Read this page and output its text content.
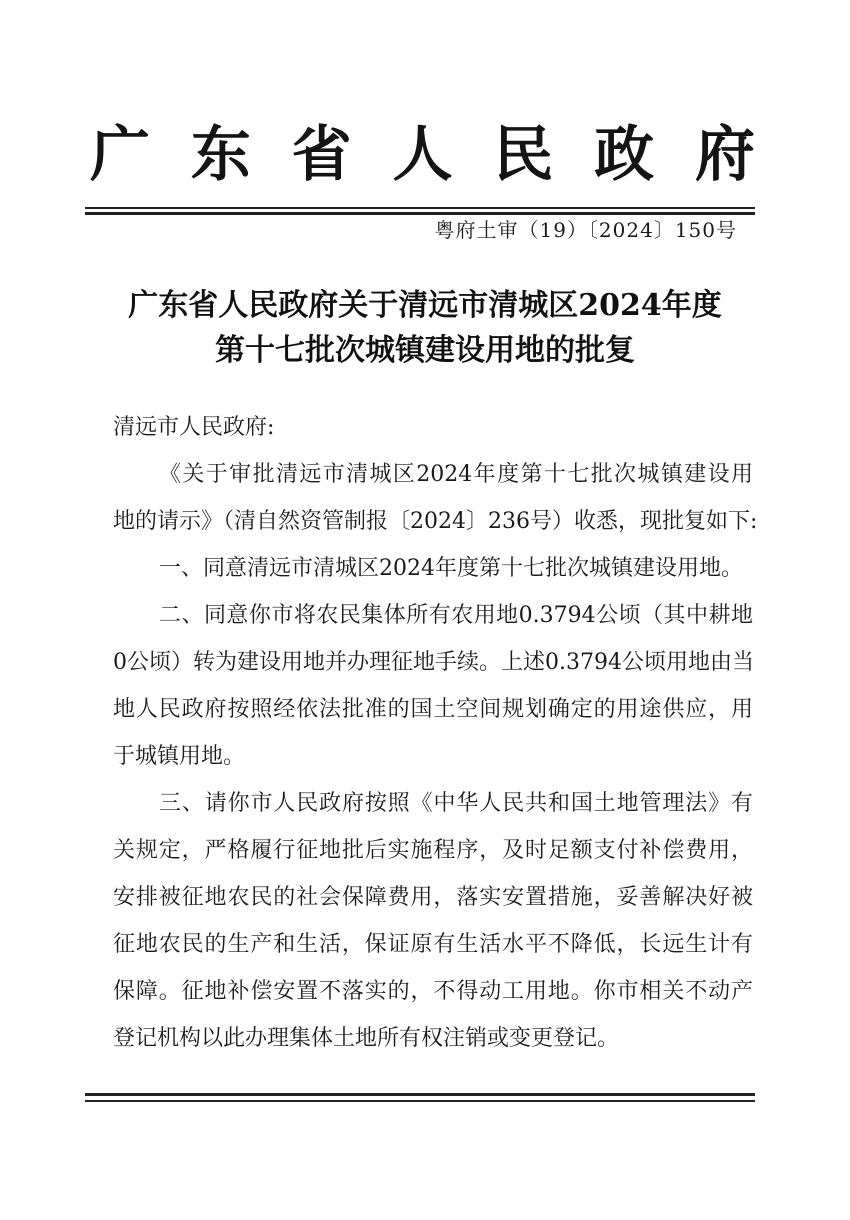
广 东 省 人 民 政 府
粤府土审（19）〔2024〕150号
广东省人民政府关于清远市清城区2024年度
第十七批次城镇建设用地的批复
清远市人民政府:
《关于审批清远市清城区2024年度第十七批次城镇建设用
地的请示》（清自然资管制报〔2024〕236号）收悉，现批复如下:
一、同意清远市清城区2024年度第十七批次城镇建设用地。
二、同意你市将农民集体所有农用地0.3794公顷（其中耕地
0公顷）转为建设用地并办理征地手续。上述0.3794公顷用地由当
地人民政府按照经依法批准的国土空间规划确定的用途供应，用
于城镇用地。
三、请你市人民政府按照《中华人民共和国土地管理法》有
关规定，严格履行征地批后实施程序，及时足额支付补偿费用，
安排被征地农民的社会保障费用，落实安置措施，妥善解决好被
征地农民的生产和生活，保证原有生活水平不降低，长远生计有
保障。征地补偿安置不落实的，不得动工用地。你市相关不动产
登记机构以此办理集体土地所有权注销或变更登记。
